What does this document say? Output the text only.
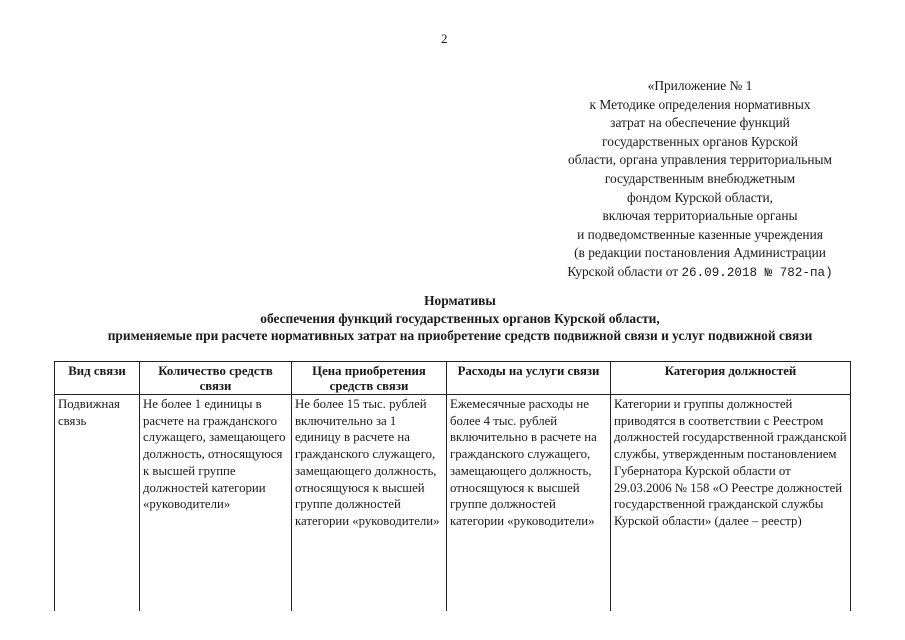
2
«Приложение № 1
к Методике определения нормативных
затрат на обеспечение функций
государственных органов Курской
области, органа управления территориальным
государственным внебюджетным
фондом Курской области,
включая территориальные органы
и подведомственные казенные учреждения
(в редакции постановления Администрации
Курской области от 26.09.2018 № 782-па)
Нормативы
обеспечения функций государственных органов Курской области,
применяемые при расчете нормативных затрат на приобретение средств подвижной связи и услуг подвижной связи
Вид связи	Количество средств связи	Цена приобретения средств связи	Расходы на услуги связи	Категория должностей
Подвижная связь	Не более 1 единицы в расчете на гражданского служащего, замещающего должность, относящуюся к высшей группе должностей категории «руководители»	Не более 15 тыс. рублей включительно за 1 единицу в расчете на гражданского служащего, замещающего должность, относящуюся к высшей группе должностей категории «руководители»	Ежемесячные расходы не более 4 тыс. рублей включительно в расчете на гражданского служащего, замещающего должность, относящуюся к высшей группе должностей категории «руководители»	Категории и группы должностей приводятся в соответствии с Реестром должностей государственной гражданской службы, утвержденным постановлением Губернатора Курской области от 29.03.2006 № 158 «О Реестре должностей государственной гражданской службы Курской области» (далее – реестр)
